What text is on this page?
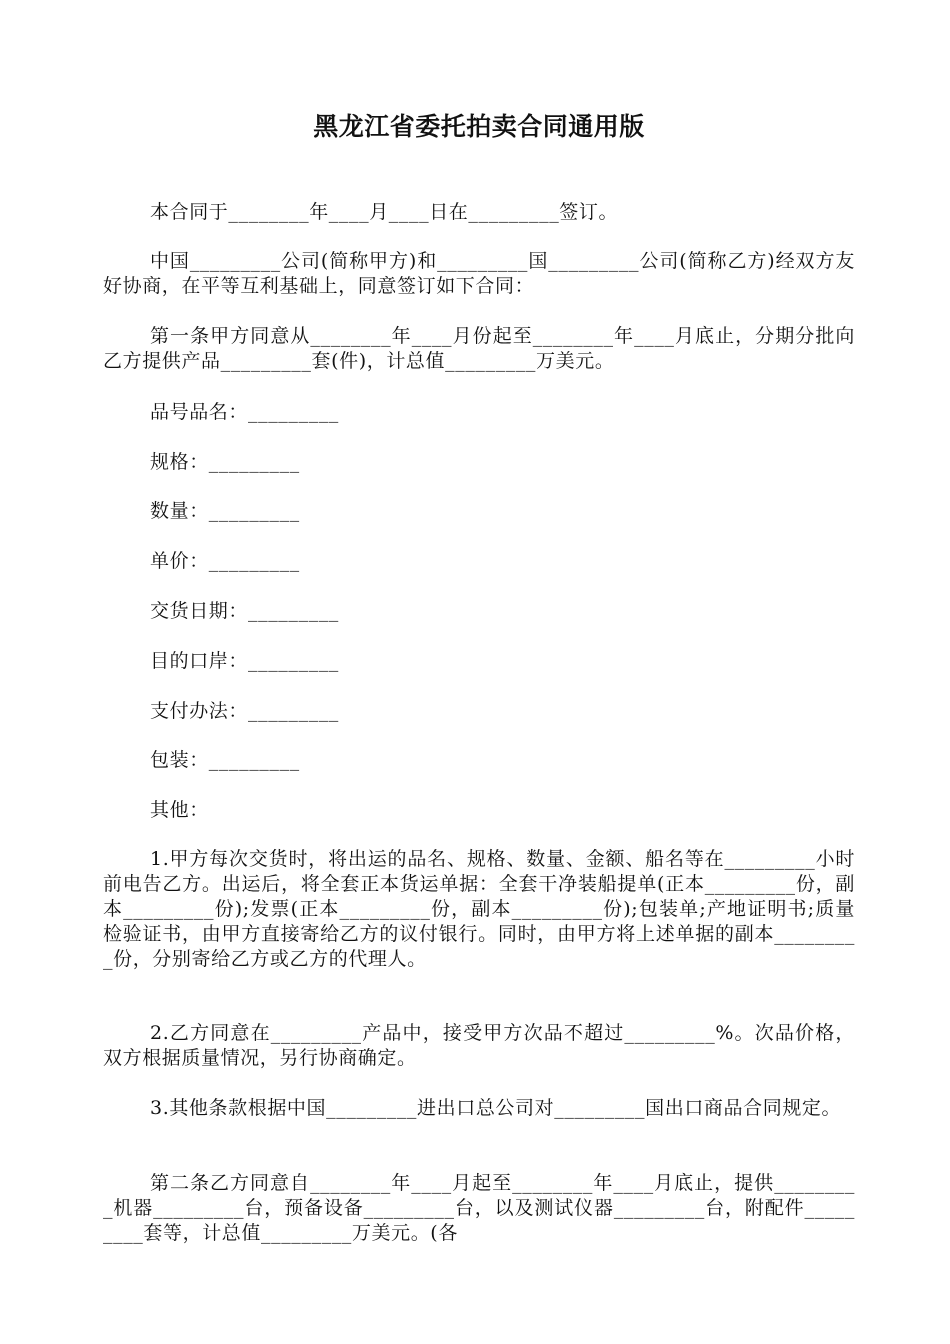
黑龙江省委托拍卖合同通用版

本合同于________年____月____日在_________签订。

中国_________公司(简称甲方)和_________国_________公司(简称乙方)经双方友好协商，在平等互利基础上，同意签订如下合同：

第一条甲方同意从________年____月份起至________年____月底止，分期分批向乙方提供产品_________套(件)，计总值_________万美元。

品号品名：_________
规格：_________
数量：_________
单价：_________
交货日期：_________
目的口岸：_________
支付办法：_________
包装：_________
其他：

1.甲方每次交货时，将出运的品名、规格、数量、金额、船名等在_________小时前电告乙方。出运后，将全套正本货运单据：全套干净装船提单(正本_________份，副本_________份);发票(正本_________份，副本_________份);包装单;产地证明书;质量检验证书，由甲方直接寄给乙方的议付银行。同时，由甲方将上述单据的副本_________份，分别寄给乙方或乙方的代理人。

2.乙方同意在_________产品中，接受甲方次品不超过_________%。次品价格，双方根据质量情况，另行协商确定。

3.其他条款根据中国_________进出口总公司对_________国出口商品合同规定。

第二条乙方同意自________年____月起至________年____月底止，提供_________机器_________台，预备设备_________台，以及测试仪器_________台，附配件_________套等，计总值_________万美元。(各
